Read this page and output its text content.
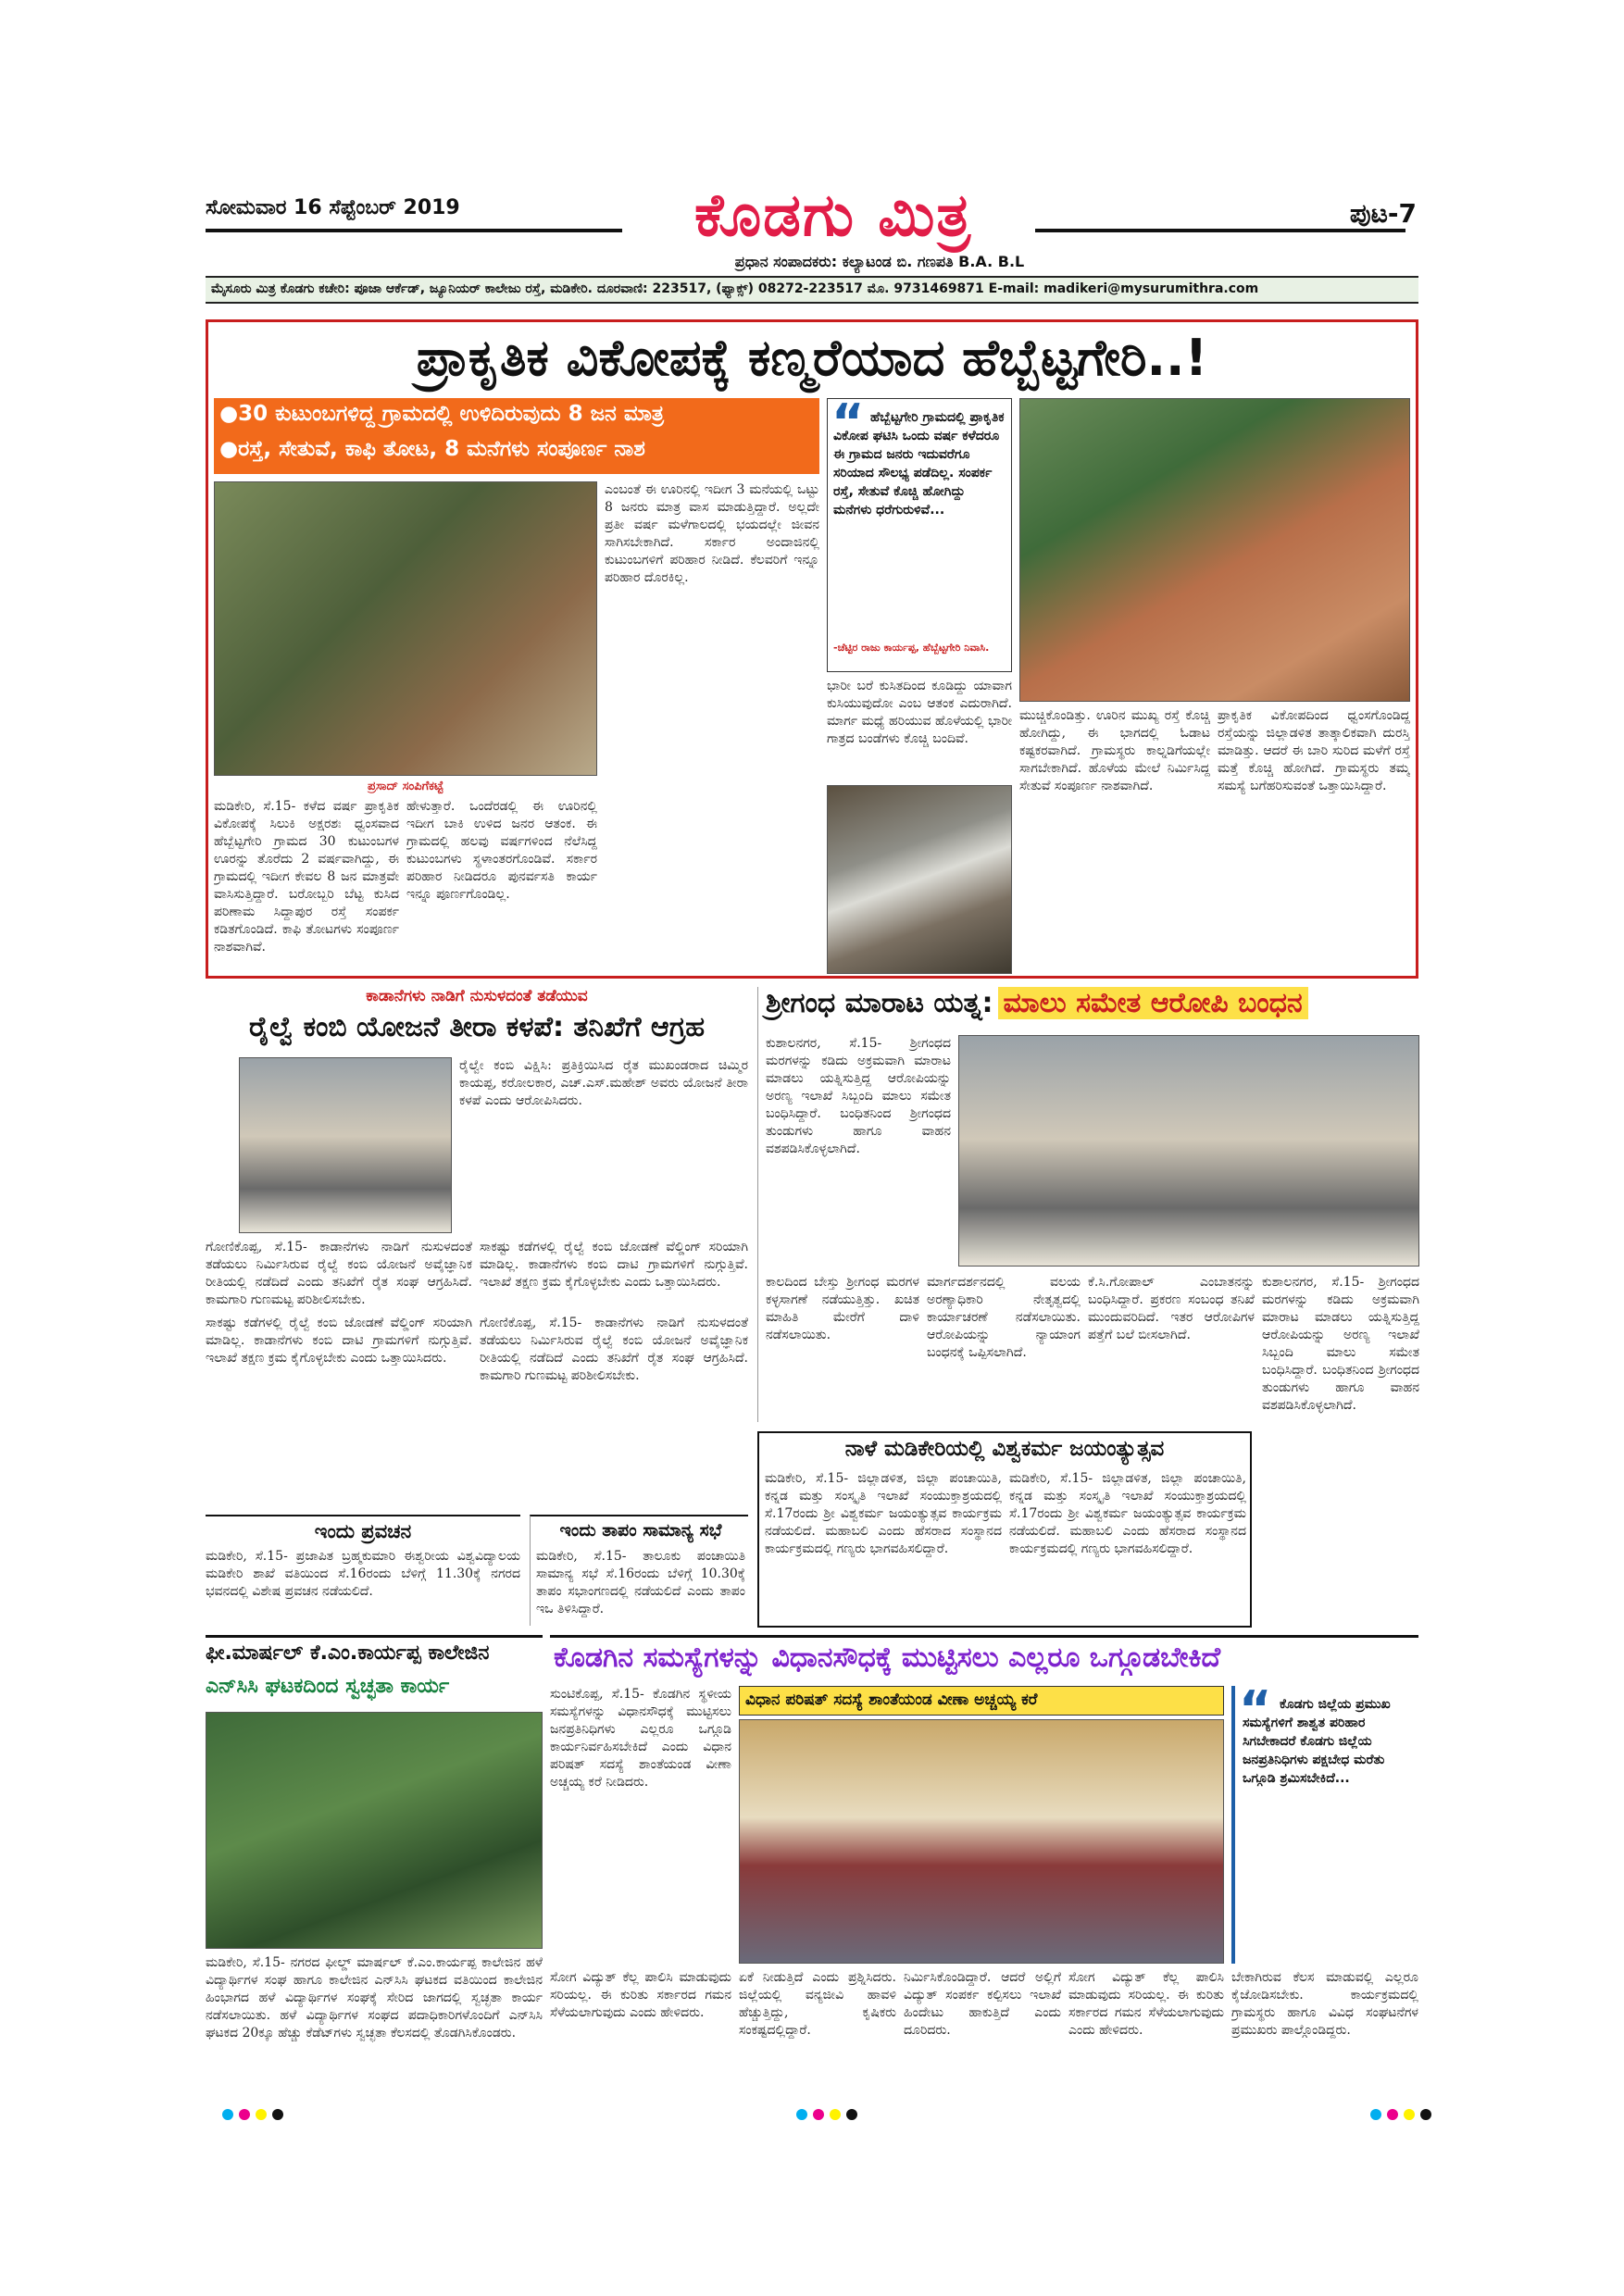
ಸೋಮವಾರ 16 ಸೆಪ್ಟೆಂಬರ್ 2019	ಕೊಡಗು ಮಿತ್ರ	ಪುಟ-7
ಪ್ರಧಾನ ಸಂಪಾದಕರು: ಕಲ್ಯಾಟಂಡ ಬಿ. ಗಣಪತಿ B.A. B.L
ಮೈಸೂರು ಮಿತ್ರ ಕೊಡಗು ಕಚೇರಿ: ಪೂಜಾ ಆರ್ಕೆಡ್, ಜ್ಯೂನಿಯರ್ ಕಾಲೇಜು ರಸ್ತೆ, ಮಡಿಕೇರಿ. ದೂರವಾಣಿ: 223517, (ಫ್ಯಾಕ್ಸ್) 08272-223517 ಮೊ. 9731469871 E-mail: madikeri@mysurumithra.com
ಪ್ರಾಕೃತಿಕ ವಿಕೋಪಕ್ಕೆ ಕಣ್ಮರೆಯಾದ ಹೆಬ್ಬೆಟ್ಟಗೇರಿ..!
●30 ಕುಟುಂಬಗಳಿದ್ದ ಗ್ರಾಮದಲ್ಲಿ ಉಳಿದಿರುವುದು 8 ಜನ ಮಾತ್ರ
●ರಸ್ತೆ, ಸೇತುವೆ, ಕಾಫಿ ತೋಟ, 8 ಮನೆಗಳು ಸಂಪೂರ್ಣ ನಾಶ
ಪ್ರಸಾದ್ ಸಂಪಿಗೆಕಟ್ಟೆ
ಮಡಿಕೇರಿ, ಸೆ.15- ಕಳೆದ ವರ್ಷ ಪ್ರಾಕೃತಿಕ ವಿಕೋಪಕ್ಕೆ ಸಿಲುಕಿ ಅಕ್ಷರಶಃ ಧ್ವಂಸವಾದ ಹೆಬ್ಬೆಟ್ಟಗೇರಿ ಗ್ರಾಮದ 30 ಕುಟುಂಬಗಳ ಊರನ್ನು ತೊರೆದು 2 ವರ್ಷವಾಗಿದ್ದು, ಈ ಗ್ರಾಮದಲ್ಲಿ ಇದೀಗ ಕೇವಲ 8 ಜನ ಮಾತ್ರವೇ ವಾಸಿಸುತ್ತಿದ್ದಾರೆ. ಬರೋಬ್ಬರಿ ಬೆಟ್ಟ ಕುಸಿದ ಪರಿಣಾಮ ಸಿದ್ದಾಪುರ ರಸ್ತೆ ಸಂಪರ್ಕ ಕಡಿತಗೊಂಡಿದೆ. ಕಾಫಿ ತೋಟಗಳು ಸಂಪೂರ್ಣ ನಾಶವಾಗಿವೆ.
ಹೇಳುತ್ತಾರೆ. ಒಂದೆರಡಲ್ಲಿ ಈ ಊರಿನಲ್ಲಿ ಇದೀಗ ಬಾಕಿ ಉಳಿದ ಜನರ ಆತಂಕ. ಈ ಗ್ರಾಮದಲ್ಲಿ ಹಲವು ವರ್ಷಗಳಿಂದ ನೆಲೆಸಿದ್ದ ಕುಟುಂಬಗಳು ಸ್ಥಳಾಂತರಗೊಂಡಿವೆ. ಸರ್ಕಾರ ಪರಿಹಾರ ನೀಡಿದರೂ ಪುನರ್ವಸತಿ ಕಾರ್ಯ ಇನ್ನೂ ಪೂರ್ಣಗೊಂಡಿಲ್ಲ.
ಎಂಬಂತೆ ಈ ಊರಿನಲ್ಲಿ ಇದೀಗ 3 ಮನೆಯಲ್ಲಿ ಒಟ್ಟು 8 ಜನರು ಮಾತ್ರ ವಾಸ ಮಾಡುತ್ತಿದ್ದಾರೆ. ಅಲ್ಲದೇ ಪ್ರತೀ ವರ್ಷ ಮಳೆಗಾಲದಲ್ಲಿ ಭಯದಲ್ಲೇ ಜೀವನ ಸಾಗಿಸಬೇಕಾಗಿದೆ. ಸರ್ಕಾರ ಅಂದಾಜಿನಲ್ಲಿ ಕುಟುಂಬಗಳಿಗೆ ಪರಿಹಾರ ನೀಡಿದೆ. ಕೆಲವರಿಗೆ ಇನ್ನೂ ಪರಿಹಾರ ದೊರಕಿಲ್ಲ.
“ ಹೆಬ್ಬೆಟ್ಟಗೇರಿ ಗ್ರಾಮದಲ್ಲಿ ಪ್ರಾಕೃತಿಕ ವಿಕೋಪ ಘಟಿಸಿ ಒಂದು ವರ್ಷ ಕಳೆದರೂ ಈ ಗ್ರಾಮದ ಜನರು ಇದುವರೆಗೂ ಸರಿಯಾದ ಸೌಲಭ್ಯ ಪಡೆದಿಲ್ಲ. ಸಂಪರ್ಕ ರಸ್ತೆ, ಸೇತುವೆ ಕೊಚ್ಚಿ ಹೋಗಿದ್ದು ಮನೆಗಳು ಧರೆಗುರುಳಿವೆ...
-ಚೆಟ್ಟಿರ ರಾಜು ಕಾರ್ಯಪ್ಪ, ಹೆಬ್ಬೆಟ್ಟಗೇರಿ ನಿವಾಸಿ.
ಭಾರೀ ಬರೆ ಕುಸಿತದಿಂದ ಕೂಡಿದ್ದು ಯಾವಾಗ ಕುಸಿಯುವುದೋ ಎಂಬ ಆತಂಕ ಎದುರಾಗಿದೆ. ಮಾರ್ಗ ಮಧ್ಯೆ ಹರಿಯುವ ಹೊಳೆಯಲ್ಲಿ ಭಾರೀ ಗಾತ್ರದ ಬಂಡೆಗಳು ಕೊಚ್ಚಿ ಬಂದಿವೆ.
ಮುಚ್ಚಿಕೊಂಡಿತ್ತು. ಊರಿನ ಮುಖ್ಯ ರಸ್ತೆ ಕೊಚ್ಚಿ ಹೋಗಿದ್ದು, ಈ ಭಾಗದಲ್ಲಿ ಓಡಾಟ ಕಷ್ಟಕರವಾಗಿದೆ. ಗ್ರಾಮಸ್ಥರು ಕಾಲ್ನಡಿಗೆಯಲ್ಲೇ ಸಾಗಬೇಕಾಗಿದೆ. ಹೊಳೆಯ ಮೇಲೆ ನಿರ್ಮಿಸಿದ್ದ ಸೇತುವೆ ಸಂಪೂರ್ಣ ನಾಶವಾಗಿದೆ.
ಪ್ರಾಕೃತಿಕ ವಿಕೋಪದಿಂದ ಧ್ವಂಸಗೊಂಡಿದ್ದ ರಸ್ತೆಯನ್ನು ಜಿಲ್ಲಾಡಳಿತ ತಾತ್ಕಾಲಿಕವಾಗಿ ದುರಸ್ತಿ ಮಾಡಿತ್ತು. ಆದರೆ ಈ ಬಾರಿ ಸುರಿದ ಮಳೆಗೆ ರಸ್ತೆ ಮತ್ತೆ ಕೊಚ್ಚಿ ಹೋಗಿದೆ. ಗ್ರಾಮಸ್ಥರು ತಮ್ಮ ಸಮಸ್ಯೆ ಬಗೆಹರಿಸುವಂತೆ ಒತ್ತಾಯಿಸಿದ್ದಾರೆ.
ಕಾಡಾನೆಗಳು ನಾಡಿಗೆ ನುಸುಳದಂತೆ ತಡೆಯುವ
ರೈಲ್ವೆ ಕಂಬಿ ಯೋಜನೆ ತೀರಾ ಕಳಪೆ: ತನಿಖೆಗೆ ಆಗ್ರಹ
ರೈಲ್ವೇ ಕಂಬಿ ವಿಕ್ಷಿಸಿ: ಪ್ರತಿಕ್ರಿಯಿಸಿದ ರೈತ ಮುಖಂಡರಾದ ಚಿಮ್ಮಿರ ಕಾಯಪ್ಪ, ಕರೋಲಕಾರ, ಎಚ್.ಎಸ್.ಮಹೇಶ್ ಅವರು ಯೋಜನೆ ತೀರಾ ಕಳಪೆ ಎಂದು ಆರೋಪಿಸಿದರು.
ಗೋಣಿಕೊಪ್ಪ, ಸೆ.15- ಕಾಡಾನೆಗಳು ನಾಡಿಗೆ ನುಸುಳದಂತೆ ತಡೆಯಲು ನಿರ್ಮಿಸಿರುವ ರೈಲ್ವೆ ಕಂಬಿ ಯೋಜನೆ ಅವೈಜ್ಞಾನಿಕ ರೀತಿಯಲ್ಲಿ ನಡೆದಿದೆ ಎಂದು ತನಿಖೆಗೆ ರೈತ ಸಂಘ ಆಗ್ರಹಿಸಿದೆ. ಕಾಮಗಾರಿ ಗುಣಮಟ್ಟ ಪರಿಶೀಲಿಸಬೇಕು.
ಸಾಕಷ್ಟು ಕಡೆಗಳಲ್ಲಿ ರೈಲ್ವೆ ಕಂಬಿ ಜೋಡಣೆ ವೆಲ್ಡಿಂಗ್ ಸರಿಯಾಗಿ ಮಾಡಿಲ್ಲ. ಕಾಡಾನೆಗಳು ಕಂಬಿ ದಾಟಿ ಗ್ರಾಮಗಳಿಗೆ ನುಗ್ಗುತ್ತಿವೆ. ಇಲಾಖೆ ತಕ್ಷಣ ಕ್ರಮ ಕೈಗೊಳ್ಳಬೇಕು ಎಂದು ಒತ್ತಾಯಿಸಿದರು.
ಸಾಕಷ್ಟು ಕಡೆಗಳಲ್ಲಿ ರೈಲ್ವೆ ಕಂಬಿ ಜೋಡಣೆ ವೆಲ್ಡಿಂಗ್ ಸರಿಯಾಗಿ ಮಾಡಿಲ್ಲ. ಕಾಡಾನೆಗಳು ಕಂಬಿ ದಾಟಿ ಗ್ರಾಮಗಳಿಗೆ ನುಗ್ಗುತ್ತಿವೆ. ಇಲಾಖೆ ತಕ್ಷಣ ಕ್ರಮ ಕೈಗೊಳ್ಳಬೇಕು ಎಂದು ಒತ್ತಾಯಿಸಿದರು.
ಗೋಣಿಕೊಪ್ಪ, ಸೆ.15- ಕಾಡಾನೆಗಳು ನಾಡಿಗೆ ನುಸುಳದಂತೆ ತಡೆಯಲು ನಿರ್ಮಿಸಿರುವ ರೈಲ್ವೆ ಕಂಬಿ ಯೋಜನೆ ಅವೈಜ್ಞಾನಿಕ ರೀತಿಯಲ್ಲಿ ನಡೆದಿದೆ ಎಂದು ತನಿಖೆಗೆ ರೈತ ಸಂಘ ಆಗ್ರಹಿಸಿದೆ. ಕಾಮಗಾರಿ ಗುಣಮಟ್ಟ ಪರಿಶೀಲಿಸಬೇಕು.
ಇಂದು ಪ್ರವಚನ
ಮಡಿಕೇರಿ, ಸೆ.15- ಪ್ರಜಾಪಿತ ಬ್ರಹ್ಮಕುಮಾರಿ ಈಶ್ವರೀಯ ವಿಶ್ವವಿದ್ಯಾಲಯ ಮಡಿಕೇರಿ ಶಾಖೆ ವತಿಯಿಂದ ಸೆ.16ರಂದು ಬೆಳಿಗ್ಗೆ 11.30ಕ್ಕೆ ನಗರದ ಭವನದಲ್ಲಿ ವಿಶೇಷ ಪ್ರವಚನ ನಡೆಯಲಿದೆ.
ಇಂದು ತಾಪಂ ಸಾಮಾನ್ಯ ಸಭೆ
ಮಡಿಕೇರಿ, ಸೆ.15- ತಾಲೂಕು ಪಂಚಾಯಿತಿ ಸಾಮಾನ್ಯ ಸಭೆ ಸೆ.16ರಂದು ಬೆಳಿಗ್ಗೆ 10.30ಕ್ಕೆ ತಾಪಂ ಸಭಾಂಗಣದಲ್ಲಿ ನಡೆಯಲಿದೆ ಎಂದು ತಾಪಂ ಇಒ ತಿಳಿಸಿದ್ದಾರೆ.
ಶ್ರೀಗಂಧ ಮಾರಾಟ ಯತ್ನ: ಮಾಲು ಸಮೇತ ಆರೋಪಿ ಬಂಧನ
ಕುಶಾಲನಗರ, ಸೆ.15- ಶ್ರೀಗಂಧದ ಮರಗಳನ್ನು ಕಡಿದು ಅಕ್ರಮವಾಗಿ ಮಾರಾಟ ಮಾಡಲು ಯತ್ನಿಸುತ್ತಿದ್ದ ಆರೋಪಿಯನ್ನು ಅರಣ್ಯ ಇಲಾಖೆ ಸಿಬ್ಬಂದಿ ಮಾಲು ಸಮೇತ ಬಂಧಿಸಿದ್ದಾರೆ. ಬಂಧಿತನಿಂದ ಶ್ರೀಗಂಧದ ತುಂಡುಗಳು ಹಾಗೂ ವಾಹನ ವಶಪಡಿಸಿಕೊಳ್ಳಲಾಗಿದೆ.
ಕಾಲದಿಂದ ಬೇಸ್ತು ಶ್ರೀಗಂಧ ಮರಗಳ ಕಳ್ಳಸಾಗಣೆ ನಡೆಯುತ್ತಿತ್ತು. ಖಚಿತ ಮಾಹಿತಿ ಮೇರೆಗೆ ದಾಳಿ ನಡೆಸಲಾಯಿತು.
ಮಾರ್ಗದರ್ಶನದಲ್ಲಿ ವಲಯ ಅರಣ್ಯಾಧಿಕಾರಿ ನೇತೃತ್ವದಲ್ಲಿ ಕಾರ್ಯಾಚರಣೆ ನಡೆಸಲಾಯಿತು. ಆರೋಪಿಯನ್ನು ನ್ಯಾಯಾಂಗ ಬಂಧನಕ್ಕೆ ಒಪ್ಪಿಸಲಾಗಿದೆ.
ಕೆ.ಸಿ.ಗೋಪಾಲ್ ಎಂಬಾತನನ್ನು ಬಂಧಿಸಿದ್ದಾರೆ. ಪ್ರಕರಣ ಸಂಬಂಧ ತನಿಖೆ ಮುಂದುವರಿದಿದೆ. ಇತರ ಆರೋಪಿಗಳ ಪತ್ತೆಗೆ ಬಲೆ ಬೀಸಲಾಗಿದೆ.
ಕುಶಾಲನಗರ, ಸೆ.15- ಶ್ರೀಗಂಧದ ಮರಗಳನ್ನು ಕಡಿದು ಅಕ್ರಮವಾಗಿ ಮಾರಾಟ ಮಾಡಲು ಯತ್ನಿಸುತ್ತಿದ್ದ ಆರೋಪಿಯನ್ನು ಅರಣ್ಯ ಇಲಾಖೆ ಸಿಬ್ಬಂದಿ ಮಾಲು ಸಮೇತ ಬಂಧಿಸಿದ್ದಾರೆ. ಬಂಧಿತನಿಂದ ಶ್ರೀಗಂಧದ ತುಂಡುಗಳು ಹಾಗೂ ವಾಹನ ವಶಪಡಿಸಿಕೊಳ್ಳಲಾಗಿದೆ.
ನಾಳೆ ಮಡಿಕೇರಿಯಲ್ಲಿ ವಿಶ್ವಕರ್ಮ ಜಯಂತ್ಯುತ್ಸವ
ಮಡಿಕೇರಿ, ಸೆ.15- ಜಿಲ್ಲಾಡಳಿತ, ಜಿಲ್ಲಾ ಪಂಚಾಯಿತಿ, ಕನ್ನಡ ಮತ್ತು ಸಂಸ್ಕೃತಿ ಇಲಾಖೆ ಸಂಯುಕ್ತಾಶ್ರಯದಲ್ಲಿ ಸೆ.17ರಂದು ಶ್ರೀ ವಿಶ್ವಕರ್ಮ ಜಯಂತ್ಯುತ್ಸವ ಕಾರ್ಯಕ್ರಮ ನಡೆಯಲಿದೆ. ಮಹಾಬಲಿ ಎಂದು ಹೆಸರಾದ ಸಂಸ್ಥಾನದ ಕಾರ್ಯಕ್ರಮದಲ್ಲಿ ಗಣ್ಯರು ಭಾಗವಹಿಸಲಿದ್ದಾರೆ.
ಮಡಿಕೇರಿ, ಸೆ.15- ಜಿಲ್ಲಾಡಳಿತ, ಜಿಲ್ಲಾ ಪಂಚಾಯಿತಿ, ಕನ್ನಡ ಮತ್ತು ಸಂಸ್ಕೃತಿ ಇಲಾಖೆ ಸಂಯುಕ್ತಾಶ್ರಯದಲ್ಲಿ ಸೆ.17ರಂದು ಶ್ರೀ ವಿಶ್ವಕರ್ಮ ಜಯಂತ್ಯುತ್ಸವ ಕಾರ್ಯಕ್ರಮ ನಡೆಯಲಿದೆ. ಮಹಾಬಲಿ ಎಂದು ಹೆಸರಾದ ಸಂಸ್ಥಾನದ ಕಾರ್ಯಕ್ರಮದಲ್ಲಿ ಗಣ್ಯರು ಭಾಗವಹಿಸಲಿದ್ದಾರೆ.
ಫೀ.ಮಾರ್ಷಲ್ ಕೆ.ಎಂ.ಕಾರ್ಯಪ್ಪ ಕಾಲೇಜಿನ
ಎನ್‌ಸಿಸಿ ಘಟಕದಿಂದ ಸ್ವಚ್ಛತಾ ಕಾರ್ಯ
ಮಡಿಕೇರಿ, ಸೆ.15- ನಗರದ ಫೀಲ್ಡ್ ಮಾರ್ಷಲ್ ಕೆ.ಎಂ.ಕಾರ್ಯಪ್ಪ ಕಾಲೇಜಿನ ಹಳೆ ವಿದ್ಯಾರ್ಥಿಗಳ ಸಂಘ ಹಾಗೂ ಕಾಲೇಜಿನ ಎನ್‌ಸಿಸಿ ಘಟಕದ ವತಿಯಿಂದ ಕಾಲೇಜಿನ ಹಿಂಭಾಗದ ಹಳೆ ವಿದ್ಯಾರ್ಥಿಗಳ ಸಂಘಕ್ಕೆ ಸೇರಿದ ಜಾಗದಲ್ಲಿ ಸ್ವಚ್ಛತಾ ಕಾರ್ಯ ನಡೆಸಲಾಯಿತು. ಹಳೆ ವಿದ್ಯಾರ್ಥಿಗಳ ಸಂಘದ ಪದಾಧಿಕಾರಿಗಳೊಂದಿಗೆ ಎನ್‌ಸಿಸಿ ಘಟಕದ 20ಕ್ಕೂ ಹೆಚ್ಚು ಕೆಡೆಟ್‌ಗಳು ಸ್ವಚ್ಛತಾ ಕೆಲಸದಲ್ಲಿ ತೊಡಗಿಸಿಕೊಂಡರು.
ಕೊಡಗಿನ ಸಮಸ್ಯೆಗಳನ್ನು ವಿಧಾನಸೌಧಕ್ಕೆ ಮುಟ್ಟಿಸಲು ಎಲ್ಲರೂ ಒಗ್ಗೂಡಬೇಕಿದೆ
ಸುಂಟಿಕೊಪ್ಪ, ಸೆ.15- ಕೊಡಗಿನ ಸ್ಥಳೀಯ ಸಮಸ್ಯೆಗಳನ್ನು ವಿಧಾನಸೌಧಕ್ಕೆ ಮುಟ್ಟಿಸಲು ಜನಪ್ರತಿನಿಧಿಗಳು ಎಲ್ಲರೂ ಒಗ್ಗೂಡಿ ಕಾರ್ಯನಿರ್ವಹಿಸಬೇಕಿದೆ ಎಂದು ವಿಧಾನ ಪರಿಷತ್ ಸದಸ್ಯೆ ಶಾಂತೆಯಂಡ ವೀಣಾ ಅಚ್ಚಯ್ಯ ಕರೆ ನೀಡಿದರು.
ವಿಧಾನ ಪರಿಷತ್ ಸದಸ್ಯೆ ಶಾಂತೆಯಂಡ ವೀಣಾ ಅಚ್ಚಯ್ಯ ಕರೆ	“ ಕೊಡಗು ಜಿಲ್ಲೆಯ ಪ್ರಮುಖ ಸಮಸ್ಯೆಗಳಿಗೆ ಶಾಶ್ವತ ಪರಿಹಾರ ಸಿಗಬೇಕಾದರೆ ಕೊಡಗು ಜಿಲ್ಲೆಯ ಜನಪ್ರತಿನಿಧಿಗಳು ಪಕ್ಷಬೇಧ ಮರೆತು ಒಗ್ಗೂಡಿ ಶ್ರಮಿಸಬೇಕಿದೆ...
ಸೋಗ ವಿದ್ಯುತ್ ಕೆಲ್ಲ ಪಾಲಿಸಿ ಮಾಡುವುದು ಸರಿಯಲ್ಲ. ಈ ಕುರಿತು ಸರ್ಕಾರದ ಗಮನ ಸೆಳೆಯಲಾಗುವುದು ಎಂದು ಹೇಳಿದರು.
ಏಕೆ ನೀಡುತ್ತಿದೆ ಎಂದು ಪ್ರಶ್ನಿಸಿದರು. ಜಿಲ್ಲೆಯಲ್ಲಿ ವನ್ಯಜೀವಿ ಹಾವಳಿ ಹೆಚ್ಚುತ್ತಿದ್ದು, ಕೃಷಿಕರು ಸಂಕಷ್ಟದಲ್ಲಿದ್ದಾರೆ.
ನಿರ್ಮಿಸಿಕೊಂಡಿದ್ದಾರೆ. ಆದರೆ ಅಲ್ಲಿಗೆ ವಿದ್ಯುತ್ ಸಂಪರ್ಕ ಕಲ್ಪಿಸಲು ಇಲಾಖೆ ಹಿಂದೇಟು ಹಾಕುತ್ತಿದೆ ಎಂದು ದೂರಿದರು.
ಸೋಗ ವಿದ್ಯುತ್ ಕೆಲ್ಲ ಪಾಲಿಸಿ ಮಾಡುವುದು ಸರಿಯಲ್ಲ. ಈ ಕುರಿತು ಸರ್ಕಾರದ ಗಮನ ಸೆಳೆಯಲಾಗುವುದು ಎಂದು ಹೇಳಿದರು.
ಬೇಕಾಗಿರುವ ಕೆಲಸ ಮಾಡುವಲ್ಲಿ ಎಲ್ಲರೂ ಕೈಜೋಡಿಸಬೇಕು. ಕಾರ್ಯಕ್ರಮದಲ್ಲಿ ಗ್ರಾಮಸ್ಥರು ಹಾಗೂ ವಿವಿಧ ಸಂಘಟನೆಗಳ ಪ್ರಮುಖರು ಪಾಲ್ಗೊಂಡಿದ್ದರು.
